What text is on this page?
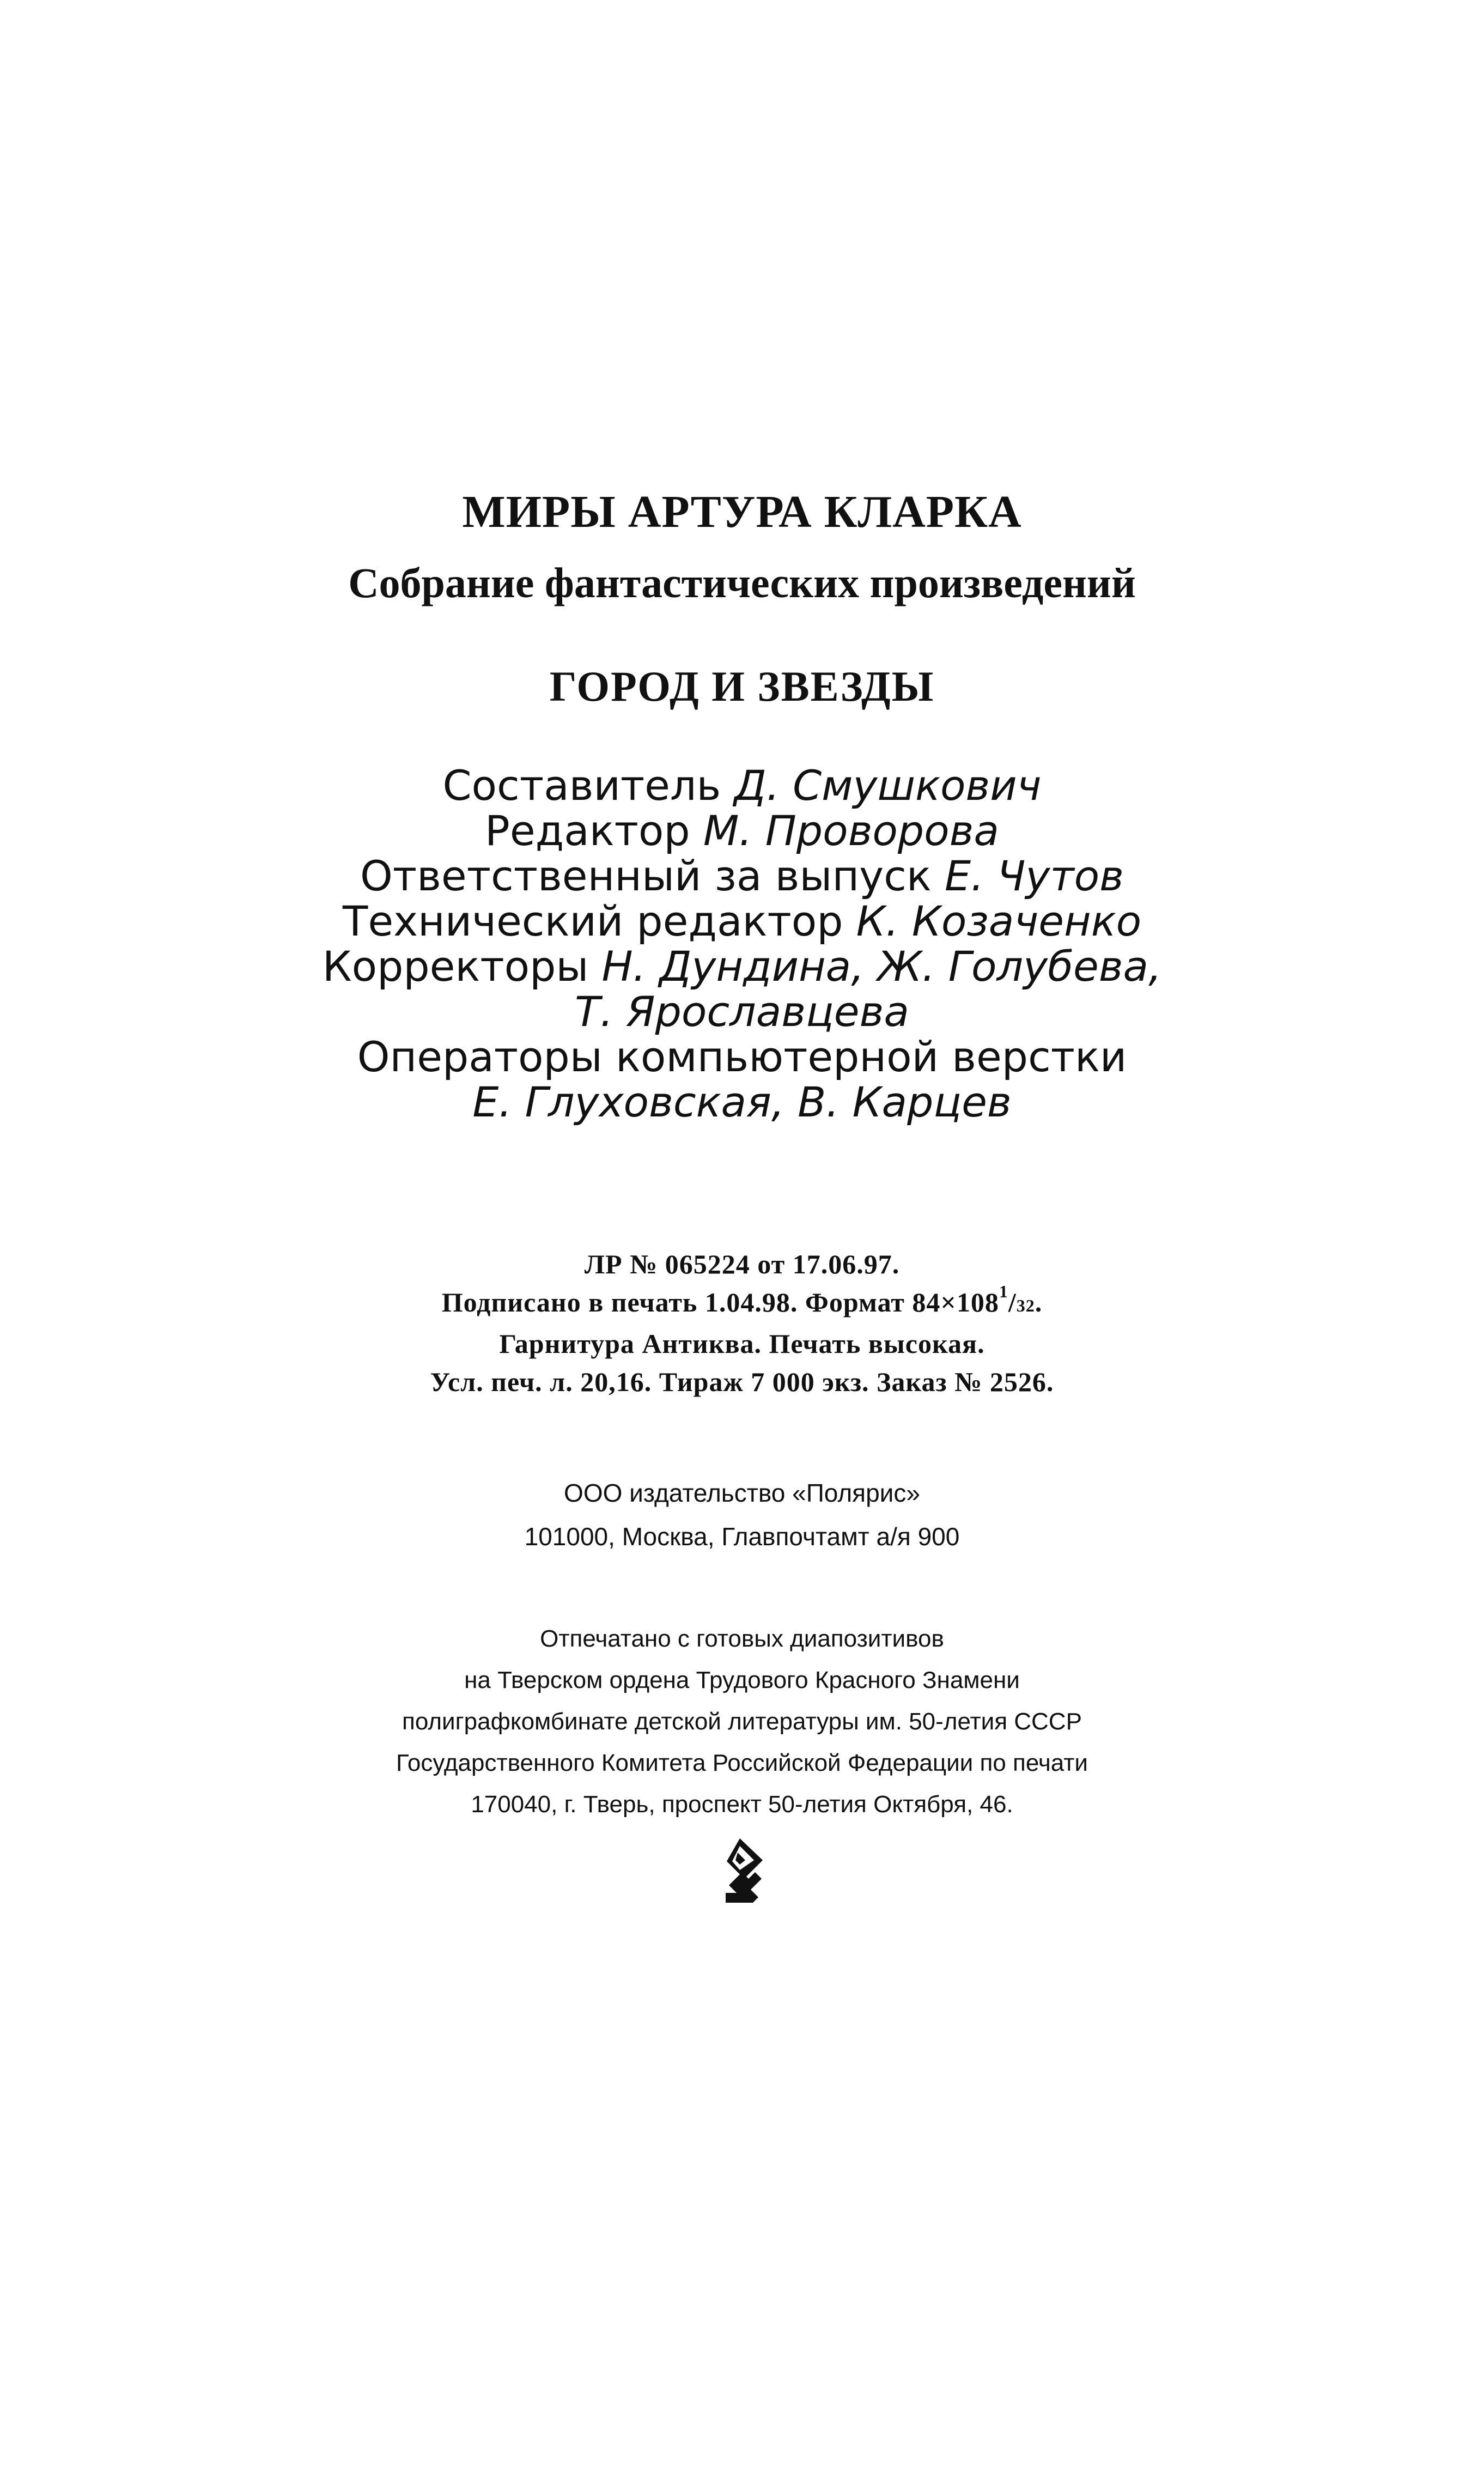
МИРЫ АРТУРА КЛАРКА
Собрание фантастических произведений
ГОРОД И ЗВЕЗДЫ
Составитель Д. Смушкович
Редактор М. Проворова
Ответственный за выпуск Е. Чутов
Технический редактор К. Козаченко
Корректоры Н. Дундина, Ж. Голубева,
Т. Ярославцева
Операторы компьютерной верстки
Е. Глуховская, В. Карцев
ЛР № 065224 от 17.06.97.
Подписано в печать 1.04.98. Формат $84\times 108^1/32$.
Гарнитура Антиква. Печать высокая.
Усл. печ. л. 20,16. Тираж 7 000 экз. Заказ № 2526.
ООО издательство «Полярис»
101000, Москва, Главпочтамт а/я 900
Отпечатано с готовых диапозитивов
на Тверском ордена Трудового Красного Знамени
полиграфкомбинате детской литературы им. 50-летия СССР
Государственного Комитета Российской Федерации по печати
170040, г. Тверь, проспект 50-летия Октября, 46.
